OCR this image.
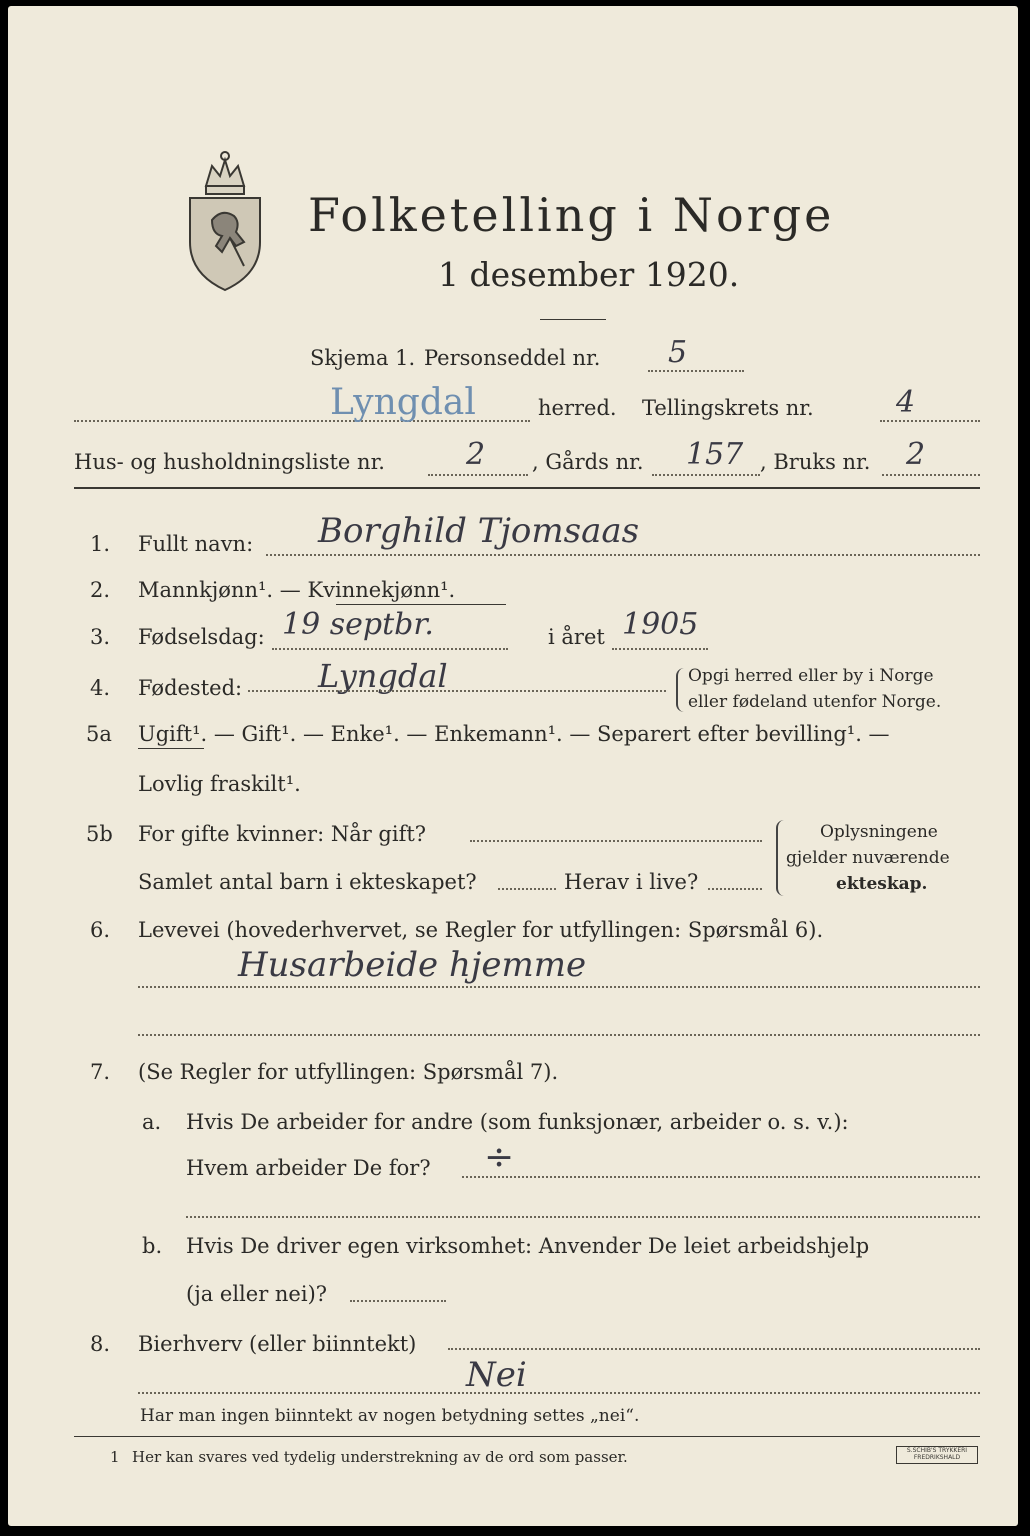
Folketelling i Norge
1 desember 1920.
Skjema 1. Personseddel nr. 5
Lyngdal	herred. Tellingskrets nr.	4
Hus- og husholdningsliste nr.	2 , Gårds nr. 157 , Bruks nr. 2
1. Fullt navn: Borghild Tjomsaas
2. Mannkjønn¹. — Kvinnekjønn¹.
3. Fødselsdag: 19 septbr.	i året 1905
4. Fødested: Lyngdal	Opgi herred eller by i Norge
eller fødeland utenfor Norge.
5a Ugift¹. — Gift¹. — Enke¹. — Enkemann¹. — Separert efter bevilling¹. —
Lovlig fraskilt¹.
5b For gifte kvinner: Når gift?
Samlet antal barn i ekteskapet?	Herav i live?
Oplysningene
gjelder nuværende
ekteskap.
6. Levevei (hovederhvervet, se Regler for utfyllingen: Spørsmål 6).
Husarbeide hjemme
7. (Se Regler for utfyllingen: Spørsmål 7).
a. Hvis De arbeider for andre (som funksjonær, arbeider o. s. v.):
Hvem arbeider De for? ÷
b. Hvis De driver egen virksomhet: Anvender De leiet arbeidshjelp
(ja eller nei)?
8. Bierhverv (eller biinntekt)
Nei
Har man ingen biinntekt av nogen betydning settes „nei“.
1 Her kan svares ved tydelig understrekning av de ord som passer.	S.SCHIB'S TRYKKERI FREDRIKSHALD
